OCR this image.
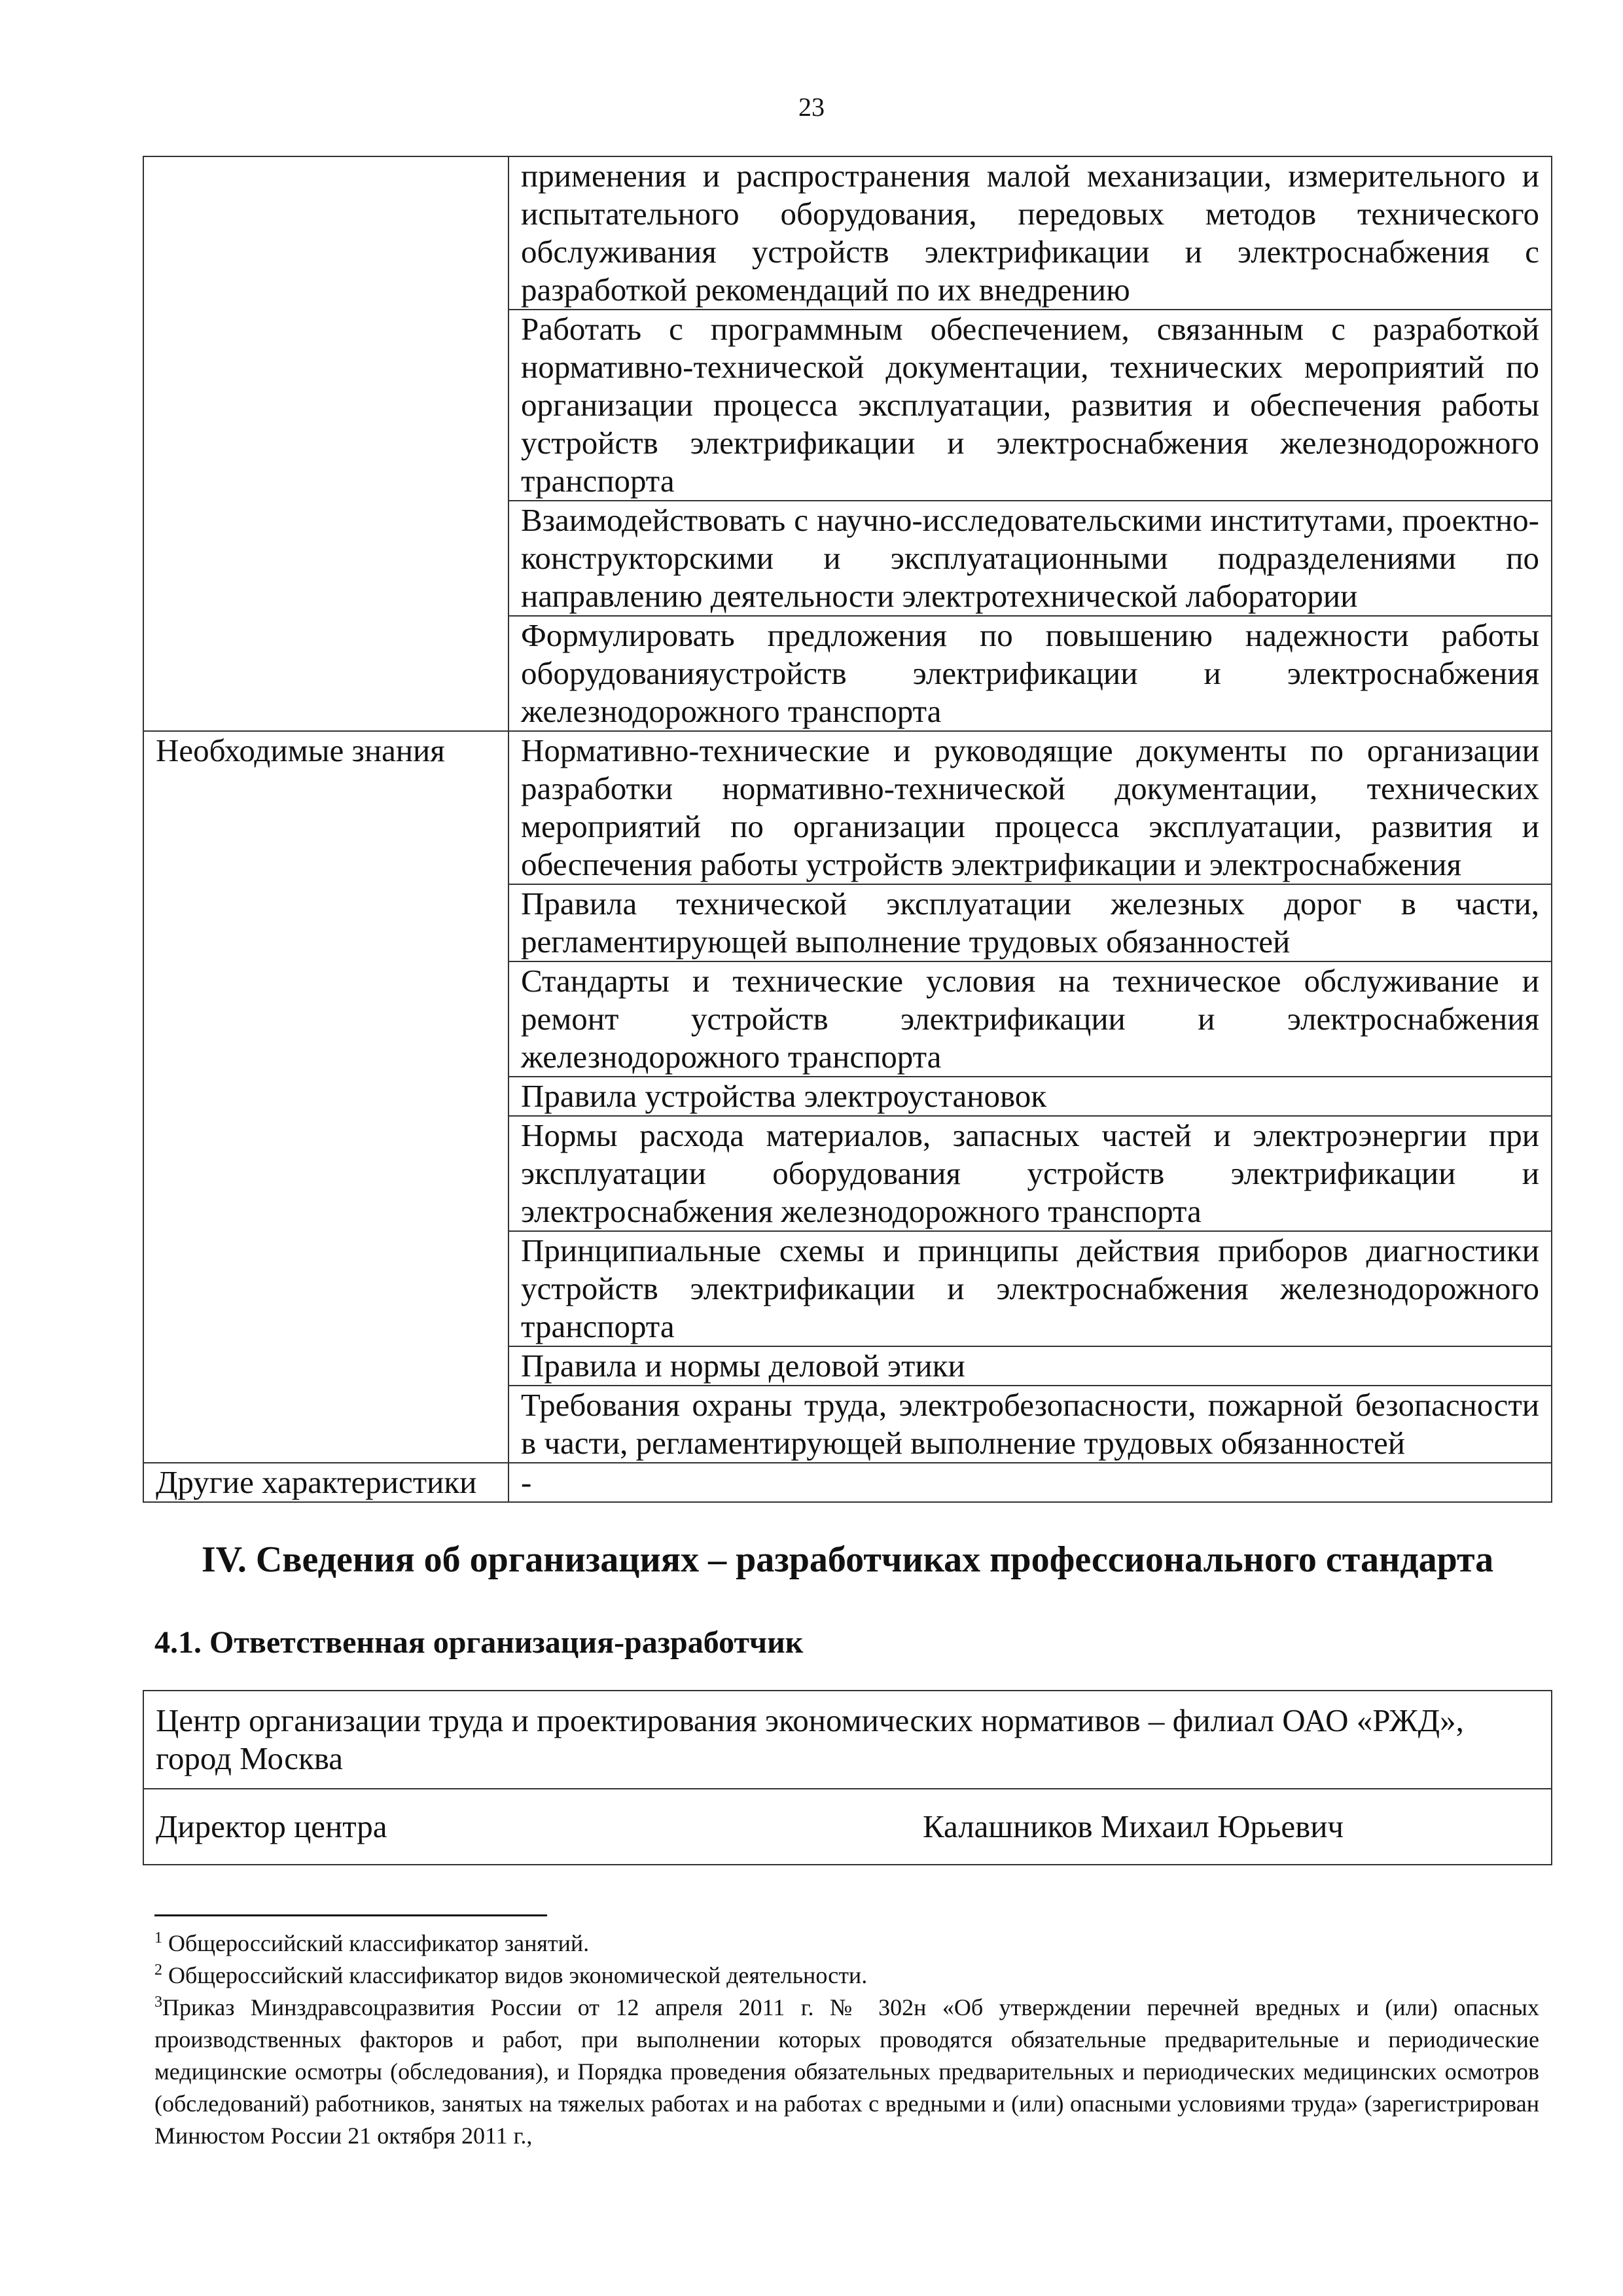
23
	применения и распространения малой механизации, измерительного и испытательного оборудования, передовых методов технического обслуживания устройств электрификации и электроснабжения с разработкой рекомендаций по их внедрению
	Работать с программным обеспечением, связанным с разработкой нормативно-технической документации, технических мероприятий по организации процесса эксплуатации, развития и обеспечения работы устройств электрификации и электроснабжения железнодорожного транспорта
	Взаимодействовать с научно-исследовательскими институтами, проектно-конструкторскими и эксплуатационными подразделениями по направлению деятельности электротехнической лаборатории
	Формулировать предложения по повышению надежности работы оборудованияустройств электрификации и электроснабжения железнодорожного транспорта
Необходимые знания	Нормативно-технические и руководящие документы по организации разработки нормативно-технической документации, технических мероприятий по организации процесса эксплуатации, развития и обеспечения работы устройств электрификации и электроснабжения
	Правила технической эксплуатации железных дорог в части, регламентирующей выполнение трудовых обязанностей
	Стандарты и технические условия на техническое обслуживание и ремонт устройств электрификации и электроснабжения железнодорожного транспорта
	Правила устройства электроустановок
	Нормы расхода материалов, запасных частей и электроэнергии при эксплуатации оборудования устройств электрификации и электроснабжения железнодорожного транспорта
	Принципиальные схемы и принципы действия приборов диагностики устройств электрификации и электроснабжения железнодорожного транспорта
	Правила и нормы деловой этики
	Требования охраны труда, электробезопасности, пожарной безопасности в части, регламентирующей выполнение трудовых обязанностей
Другие характеристики	-
IV. Сведения об организациях – разработчиках профессионального стандарта
4.1. Ответственная организация-разработчик
Центр организации труда и проектирования экономических нормативов – филиал ОАО «РЖД», город Москва
Директор центра	Калашников Михаил Юрьевич

$^1$ Общероссийский классификатор занятий.

$^2$ Общероссийский классификатор видов экономической деятельности.

$^3$Приказ Минздравсоцразвития России от 12 апреля 2011 г. № 302н «Об утверждении перечней вредных и (или) опасных производственных факторов и работ, при выполнении которых проводятся обязательные предварительные и периодические медицинские осмотры (обследования), и Порядка проведения обязательных предварительных и периодических медицинских осмотров (обследований) работников, занятых на тяжелых работах и на работах с вредными и (или) опасными условиями труда» (зарегистрирован Минюстом России 21 октября 2011 г.,
